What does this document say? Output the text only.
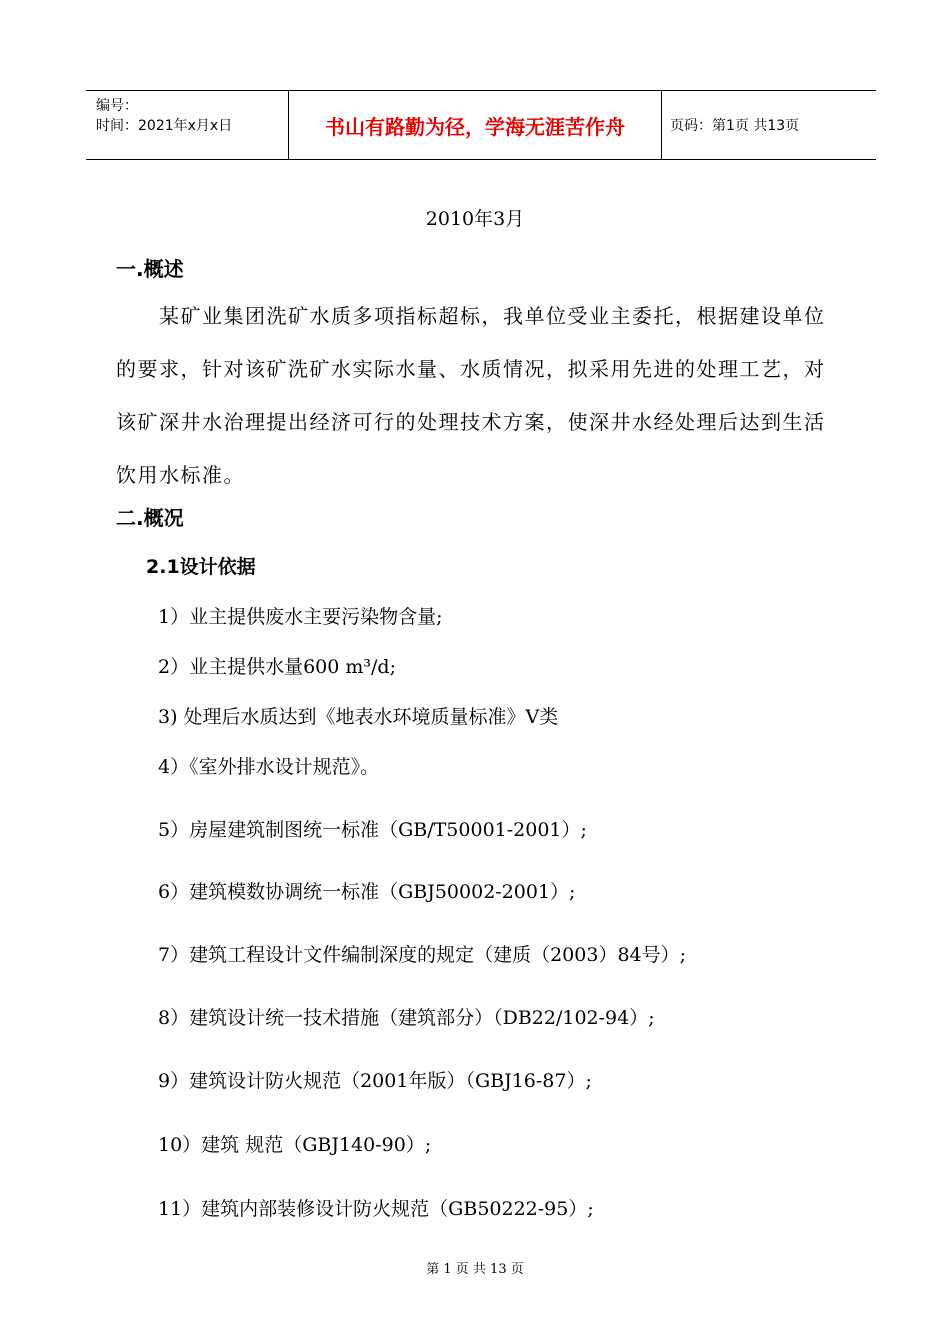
编号：
时间：2021年x月x日	书山有路勤为径，学海无涯苦作舟	页码：第1页 共13页
2010年3月
一.概述

　　某矿业集团洗矿水质多项指标超标，我单位受业主委托，根据建设单位

的要求，针对该矿洗矿水实际水量、水质情况，拟采用先进的处理工艺，对

该矿深井水治理提出经济可行的处理技术方案，使深井水经处理后达到生活

饮用水标准。

二.概况
2.1设计依据
1）业主提供废水主要污染物含量;
2）业主提供水量600 m³/d;
3) 处理后水质达到《地表水环境质量标准》V类
4）《室外排水设计规范》。
5）房屋建筑制图统一标准（GB/T50001-2001）;
6）建筑模数协调统一标准（GBJ50002-2001）;
7）建筑工程设计文件编制深度的规定（建质（2003）84号）;
8）建筑设计统一技术措施（建筑部分）（DB22/102-94）;
9）建筑设计防火规范（2001年版）（GBJ16-87）;
10）建筑 规范（GBJ140-90）;
11）建筑内部装修设计防火规范（GB50222-95）;
第 1 页 共 13 页
